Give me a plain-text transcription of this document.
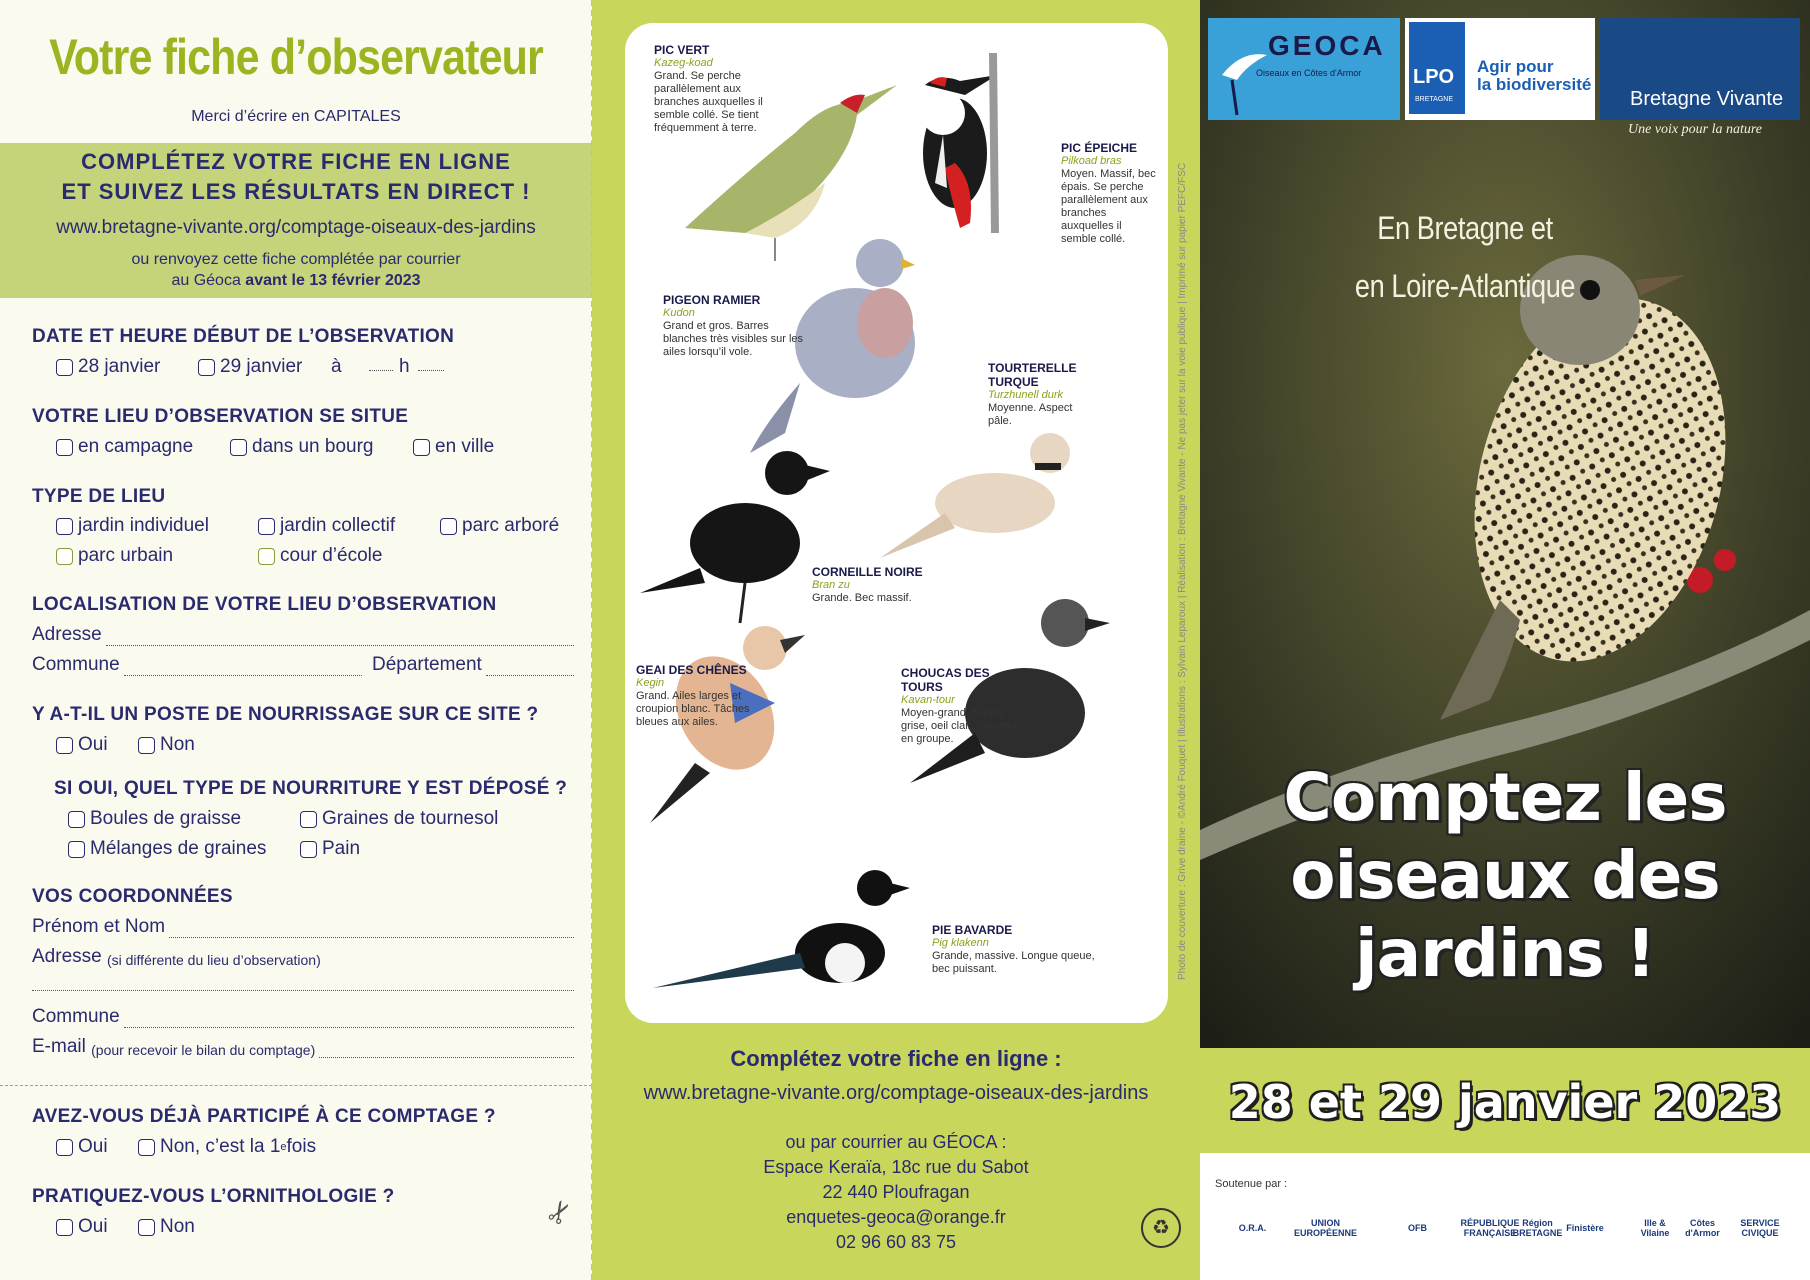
Votre fiche d’observateur
Merci d’écrire en CAPITALES
COMPLÉTEZ VOTRE FICHE EN LIGNE
ET SUIVEZ LES RÉSULTATS EN DIRECT !
www.bretagne-vivante.org/comptage-oiseaux-des-jardins
ou renvoyez cette fiche complétée par courrier
au Géoca avant le 13 février 2023
DATE ET HEURE DÉBUT DE L’OBSERVATION
28 janvier	29 janvier à	h
VOTRE LIEU D’OBSERVATION SE SITUE
en campagne	dans un bourg	en ville
TYPE DE LIEU
jardin individuel	jardin collectif	parc arboré
parc urbain	cour d’école
LOCALISATION DE VOTRE LIEU D’OBSERVATION
Adresse
Commune	Département
Y A-T-IL UN POSTE DE NOURRISSAGE SUR CE SITE ?
Oui	Non
SI OUI, QUEL TYPE DE NOURRITURE Y EST DÉPOSÉ ?
Boules de graisse	Graines de tournesol
Mélanges de graines	Pain
VOS COORDONNÉES
Prénom et Nom
Adresse
(si différente du lieu d’observation)
Commune
E-mail
(pour recevoir le bilan du comptage)
AVEZ-VOUS DÉJÀ PARTICIPÉ À CE COMPTAGE ?
Oui	Non, c’est la 1 e fois
PRATIQUEZ-VOUS L’ORNITHOLOGIE ?
Oui	Non	✂
PIC VERT
Kazeg-koad
Grand. Se perche parallèlement aux branches auxquelles il semble collé. Se tient fréquemment à terre.
PIC ÉPEICHE
Pilkoad bras
Moyen. Massif, bec épais. Se perche parallèlement aux branches auxquelles il semble collé.
PIGEON RAMIER
Kudon
Grand et gros. Barres blanches très visibles sur les ailes lorsqu’il vole.
TOURTERELLE TURQUE
Turzhunell durk
Moyenne. Aspect pâle.
CORNEILLE NOIRE
Bran zu
Grande. Bec massif.
GEAI DES CHÊNES
Kegin
Grand. Ailes larges et croupion blanc. Tâches bleues aux ailes.
CHOUCAS DES TOURS
Kavan-tour
Moyen-grand. Nuque grise, oeil clair. Souvent en groupe.
PIE BAVARDE
Pig klakenn
Grande, massive. Longue queue, bec puissant.
Complétez votre fiche en ligne :
www.bretagne-vivante.org/comptage-oiseaux-des-jardins
ou par courrier au GÉOCA :
Espace Keraïa, 18c rue du Sabot
22 440 Ploufragan
enquetes-geoca@orange.fr
02 96 60 83 75
♻
GEOCA
Oiseaux en Côtes d'Armor	LPO
BRETAGNE
Agir pour
la biodiversité
Bretagne Vivante
Une voix pour la nature
En Bretagne et
en Loire-Atlantique
Comptez les
oiseaux des
jardins !
28 et 29 janvier 2023
Soutenue par :
O.R.A.	UNION EUROPÉENNE	OFB	RÉPUBLIQUE FRANÇAISE
Région BRETAGNE Finistère	Ille & Vilaine
Côtes d'Armor
SERVICE CIVIQUE
Photo de couverture : Grive draine - ©André Fouquet | Illustrations : Sylvain Leparoux | Réalisation : Bretagne Vivante - Ne pas jeter sur la voie publique | Imprimé sur papier PEFC/FSC
